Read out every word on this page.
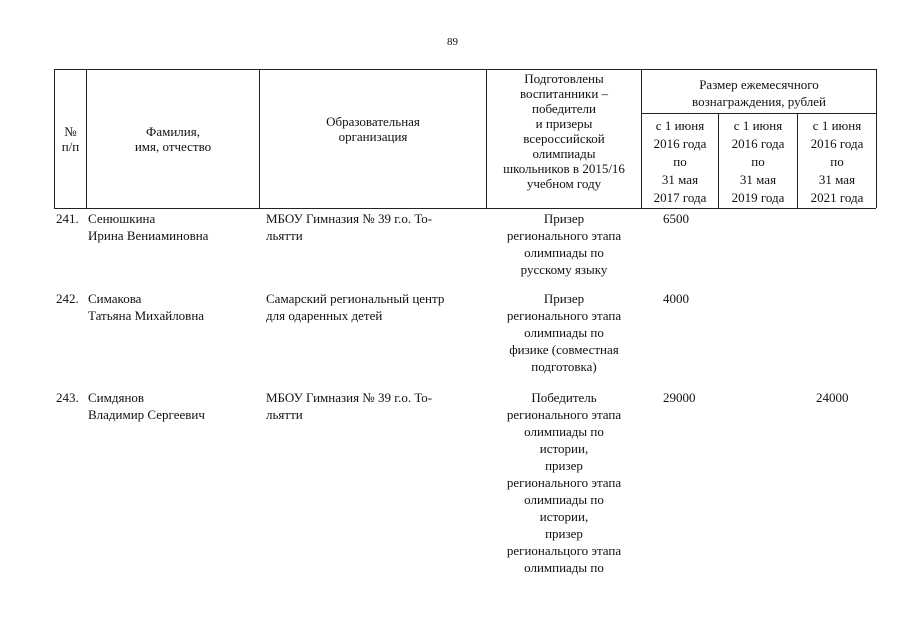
89
№
п/п
Фамилия,
имя, отчество
Образовательная
организация
Подготовлены
воспитанники –
победители
и призеры
всероссийской
олимпиады
школьников в 2015/16
учебном году
Размер ежемесячного
вознаграждения, рублей
с 1 июня
2016 года
по
31 мая
2017 года
с 1 июня
2016 года
по
31 мая
2019 года
с 1 июня
2016 года
по
31 мая
2021 года
241. Сенюшкина
Ирина Вениаминовна
МБОУ Гимназия № 39 г.о. То-
льятти
Призер
регионального этапа
олимпиады по
русскому языку
6500
242. Симакова
Татьяна Михайловна
Самарский региональный центр
для одаренных детей
Призер
регионального этапа
олимпиады по
физике (совместная
подготовка)
4000
243. Симдянов
Владимир Сергеевич
МБОУ Гимназия № 39 г.о. То-
льятти
Победитель
регионального этапа
олимпиады по
истории,
призер
регионального этапа
олимпиады по
истории,
призер
региональцого этапа
олимпиады по
29000	24000
